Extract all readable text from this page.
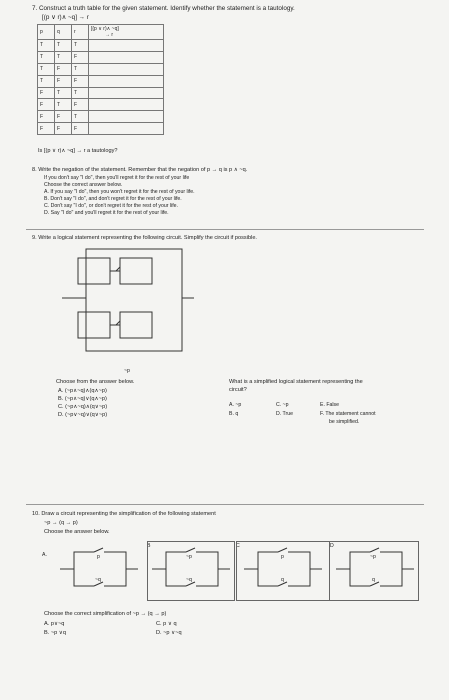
7. Construct a truth table for the given statement. Identify whether the statement is a tautology.
[(p ∨ r)∧ ~q] → r
p	q	r	[(p ∨ r)∧ ~q]
→ r

T	T	T	
T	T	F	
T	F	T	
T	F	F	
F	T	T	
F	T	F	
F	F	T	
F	F	F	
Is [(p ∨ r)∧ ~q] → r a tautology?
8. Write the negation of the statement. Remember that the negation of p → q is p ∧ ~q.
If you don't say "I do", then you'll regret it for the rest of your life
Choose the correct answer below.
A. If you say "I do", then you won't regret it for the rest of your life.
B. Don't say "I do", and don't regret it for the rest of your life.
C. Don't say "I do", or don't regret it for the rest of your life.
D. Say "I do" and you'll regret it for the rest of your life.
9. Write a logical statement representing the following circuit. Simplify the circuit if possible.
~p
Choose from the answer below.
A. (~p∧~q)∧(q∧~p)
B. (~p∧~q)∨(q∧~p)
C. (~p∧~q)∧(q∨~p)
D. (~p∨~q)∨(q∨~p)
What is a simplified logical statement representing the
circuit?
A. ~p
B. q
C. ~p
D. True
E. False
F. The statement cannot
be simplified.
10. Draw a circuit representing the simplification of the following statement
~p → (q → p)
Choose the answer below.
A.
B	C	D
p
~q
~p
~q
p
q
~p
q
Choose the correct simplification of ~p → (q → p)
A. p∨~q
B. ~p ∨q
C. p ∨ q
D. ~p ∨~q
